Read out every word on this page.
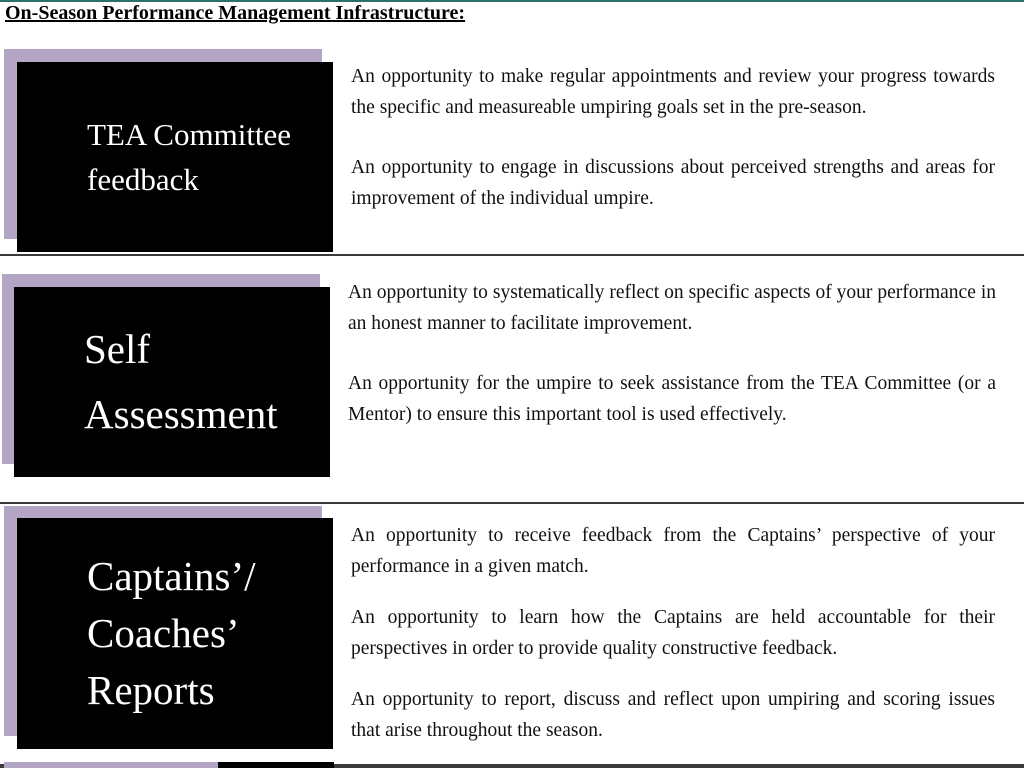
On-Season Performance Management Infrastructure:
TEA Committee feedback

An opportunity to make regular appointments and review your progress towards the specific and measureable umpiring goals set in the pre-season.

An opportunity to engage in discussions about perceived strengths and areas for improvement of the individual umpire.

Self Assessment

An opportunity to systematically reflect on specific aspects of your performance in an honest manner to facilitate improvement.

An opportunity for the umpire to seek assistance from the TEA Committee (or a Mentor) to ensure this important tool is used effectively.

Captains’/ Coaches’ Reports

An opportunity to receive feedback from the Captains’ perspective of your performance in a given match.

An opportunity to learn how the Captains are held accountable for their perspectives in order to provide quality constructive feedback.

An opportunity to report, discuss and reflect upon umpiring and scoring issues that arise throughout the season.
